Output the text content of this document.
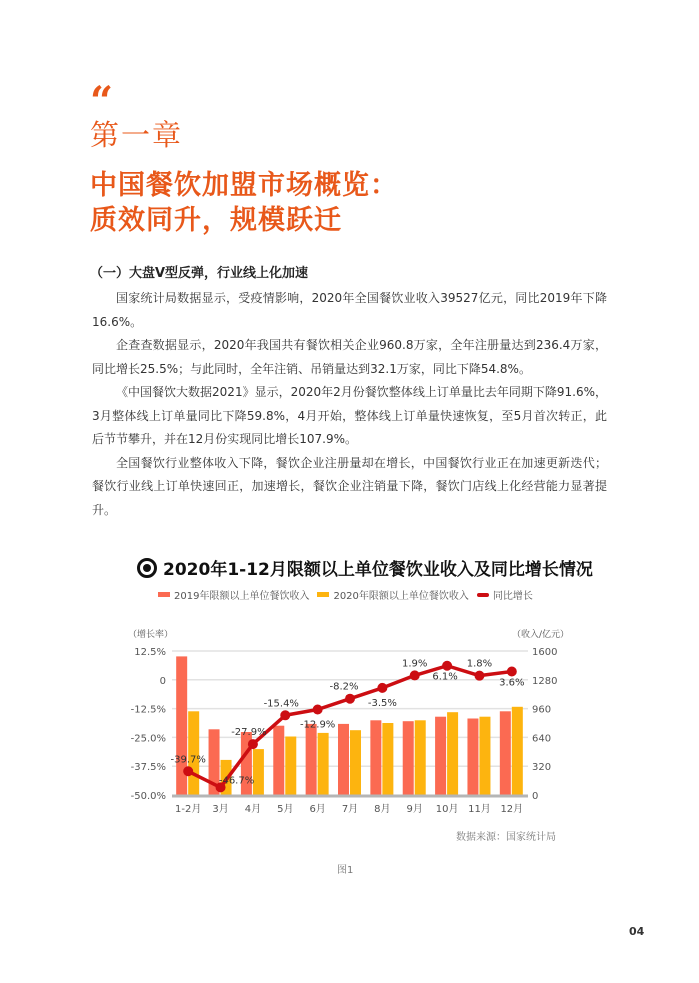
“
第一章
中国餐饮加盟市场概览：
质效同升，规模跃迁
（一）大盘V型反弹，行业线上化加速

国家统计局数据显示，受疫情影响，2020年全国餐饮业收入39527亿元，同比2019年下降16.6%。

企查查数据显示，2020年我国共有餐饮相关企业960.8万家，全年注册量达到236.4万家，同比增长25.5%；与此同时，全年注销、吊销量达到32.1万家，同比下降54.8%。

《中国餐饮大数据2021》显示，2020年2月份餐饮整体线上订单量比去年同期下降91.6%，3月整体线上订单量同比下降59.8%，4月开始，整体线上订单量快速恢复，至5月首次转正，此后节节攀升，并在12月份实现同比增长107.9%。

全国餐饮行业整体收入下降，餐饮企业注册量却在增长，中国餐饮行业正在加速更新迭代；餐饮行业线上订单快速回正，加速增长，餐饮企业注销量下降，餐饮门店线上化经营能力显著提升。

2020年1-12月限额以上单位餐饮业收入及同比增长情况
2019年限额以上单位餐饮收入 2020年限额以上单位餐饮收入 同比增长
（增长率）	（收入/亿元）
12.5%
0
-12.5%
-25.0%
-37.5%
-50.0%
1600
1280
960
640
320
0
1-2月 3月 4月 5月 6月 7月 8月 9月 10月 11月 12月
-39.7%
-46.7%
-27.9%
-15.4%
-12.9%
-8.2%
-3.5%
1.9%
6.1%
1.8%
3.6%
数据来源：国家统计局
图1
04
